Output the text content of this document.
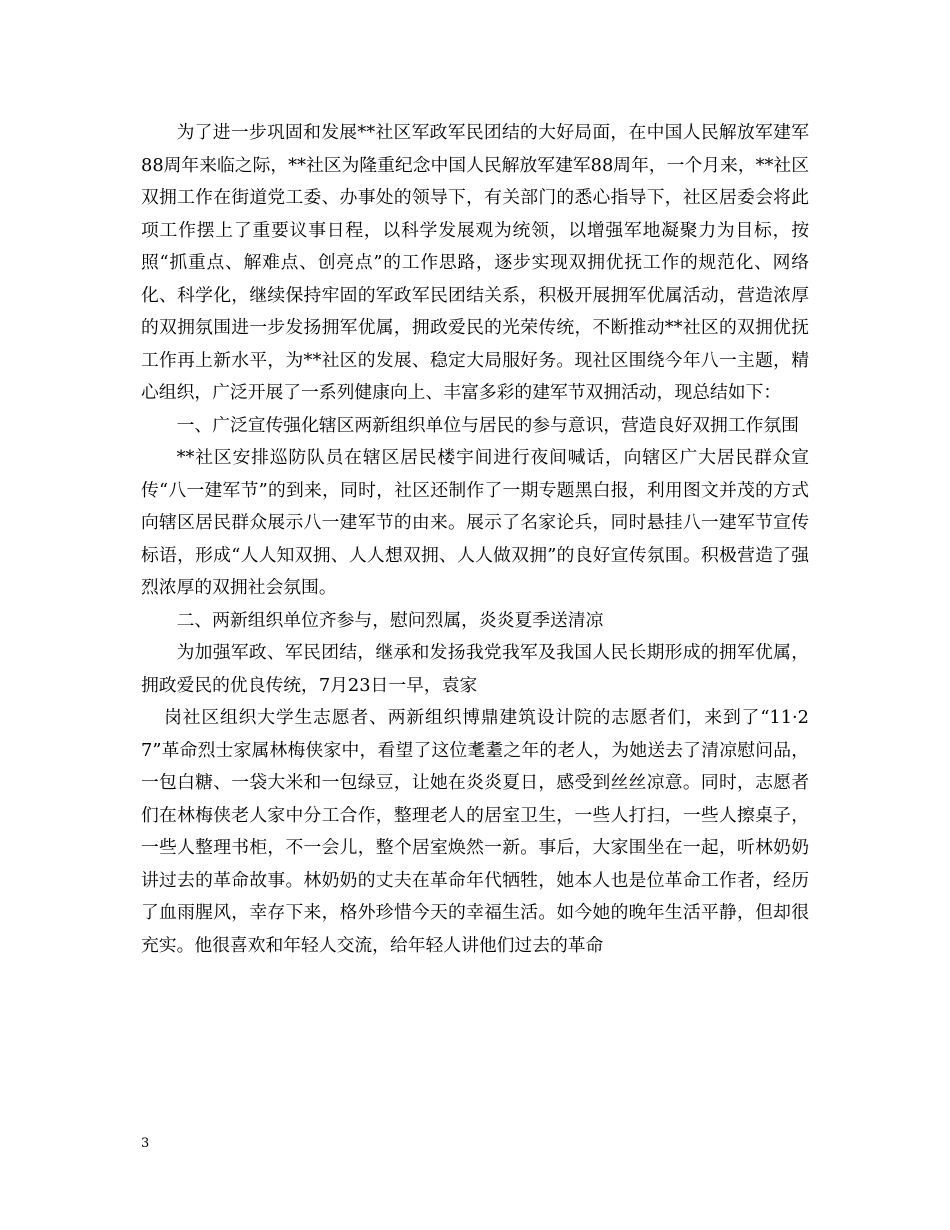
为了进一步巩固和发展**社区军政军民团结的大好局面，在中国人民解放军建军88周年来临之际，**社区为隆重纪念中国人民解放军建军88周年，一个月来，**社区双拥工作在街道党工委、办事处的领导下，有关部门的悉心指导下，社区居委会将此项工作摆上了重要议事日程，以科学发展观为统领，以增强军地凝聚力为目标，按照“抓重点、解难点、创亮点”的工作思路，逐步实现双拥优抚工作的规范化、网络化、科学化，继续保持牢固的军政军民团结关系，积极开展拥军优属活动，营造浓厚的双拥氛围进一步发扬拥军优属，拥政爱民的光荣传统，不断推动**社区的双拥优抚工作再上新水平，为**社区的发展、稳定大局服好务。现社区围绕今年八一主题，精心组织，广泛开展了一系列健康向上、丰富多彩的建军节双拥活动，现总结如下：

一、广泛宣传强化辖区两新组织单位与居民的参与意识，营造良好双拥工作氛围

**社区安排巡防队员在辖区居民楼宇间进行夜间喊话，向辖区广大居民群众宣传“八一建军节”的到来，同时，社区还制作了一期专题黑白报，利用图文并茂的方式向辖区居民群众展示八一建军节的由来。展示了名家论兵，同时悬挂八一建军节宣传标语，形成“人人知双拥、人人想双拥、人人做双拥”的良好宣传氛围。积极营造了强烈浓厚的双拥社会氛围。

二、两新组织单位齐参与，慰问烈属，炎炎夏季送清凉

为加强军政、军民团结，继承和发扬我党我军及我国人民长期形成的拥军优属，拥政爱民的优良传统，7月23日一早，袁家

岗社区组织大学生志愿者、两新组织博鼎建筑设计院的志愿者们，来到了“11·27”革命烈士家属林梅侠家中，看望了这位耄耋之年的老人，为她送去了清凉慰问品，一包白糖、一袋大米和一包绿豆，让她在炎炎夏日，感受到丝丝凉意。同时，志愿者们在林梅侠老人家中分工合作，整理老人的居室卫生，一些人打扫，一些人擦桌子，一些人整理书柜，不一会儿，整个居室焕然一新。事后，大家围坐在一起，听林奶奶讲过去的革命故事。林奶奶的丈夫在革命年代牺牲，她本人也是位革命工作者，经历了血雨腥风，幸存下来，格外珍惜今天的幸福生活。如今她的晚年生活平静，但却很充实。他很喜欢和年轻人交流，给年轻人讲他们过去的革命

3
